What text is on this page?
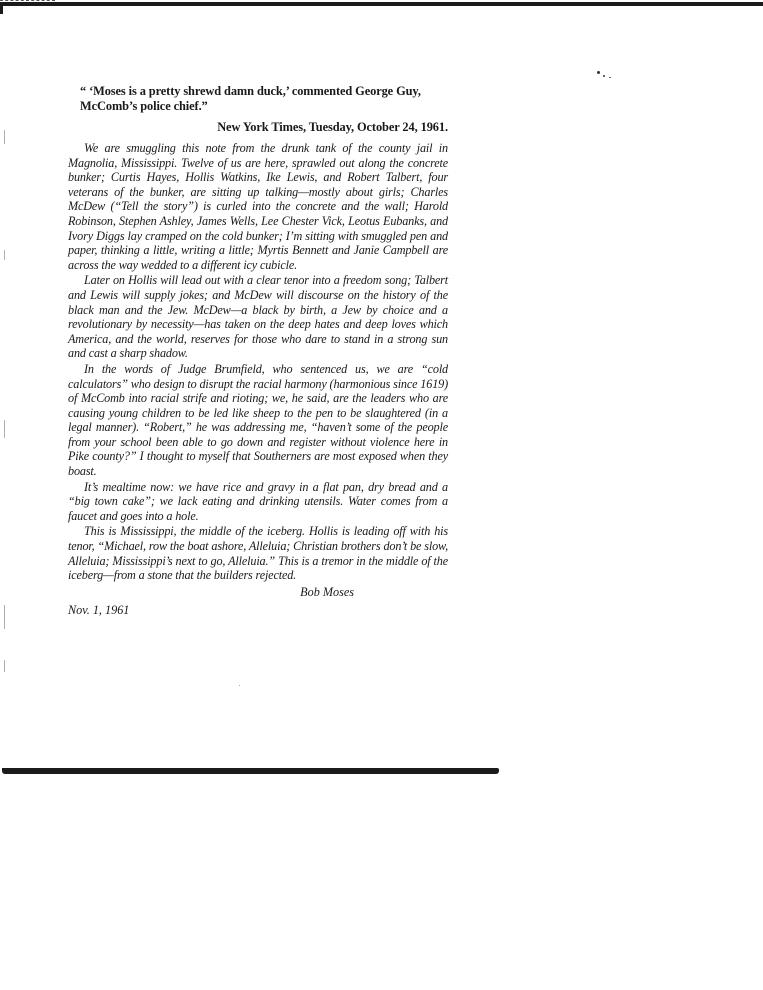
“ ‘Moses is a pretty shrewd damn duck,’ commented George Guy, McComb’s police chief.”

New York Times, Tuesday, October 24, 1961.

We are smuggling this note from the drunk tank of the county jail in Magnolia, Mississippi. Twelve of us are here, sprawled out along the concrete bunker; Curtis Hayes, Hollis Watkins, Ike Lewis, and Robert Talbert, four veterans of the bunker, are sitting up talking—mostly about girls; Charles McDew (“Tell the story”) is curled into the concrete and the wall; Harold Robinson, Stephen Ashley, James Wells, Lee Chester Vick, Leotus Eubanks, and Ivory Diggs lay cramped on the cold bunker; I’m sitting with smuggled pen and paper, thinking a little, writing a little; Myrtis Bennett and Janie Campbell are across the way wedded to a different icy cubicle.

Later on Hollis will lead out with a clear tenor into a freedom song; Talbert and Lewis will supply jokes; and McDew will discourse on the history of the black man and the Jew. McDew—a black by birth, a Jew by choice and a revolutionary by necessity—has taken on the deep hates and deep loves which America, and the world, reserves for those who dare to stand in a strong sun and cast a sharp shadow.

In the words of Judge Brumfield, who sentenced us, we are “cold calculators” who design to disrupt the racial harmony (harmonious since 1619) of McComb into racial strife and rioting; we, he said, are the leaders who are causing young children to be led like sheep to the pen to be slaughtered (in a legal manner). “Robert,” he was addressing me, “haven’t some of the people from your school been able to go down and register without violence here in Pike county?” I thought to myself that Southerners are most exposed when they boast.

It’s mealtime now: we have rice and gravy in a flat pan, dry bread and a “big town cake”; we lack eating and drinking utensils. Water comes from a faucet and goes into a hole.

This is Mississippi, the middle of the iceberg. Hollis is leading off with his tenor, “Michael, row the boat ashore, Alleluia; Christian brothers don’t be slow, Alleluia; Mississippi’s next to go, Alleluia.” This is a tremor in the middle of the iceberg—from a stone that the builders rejected.

Bob Moses

Nov. 1, 1961
